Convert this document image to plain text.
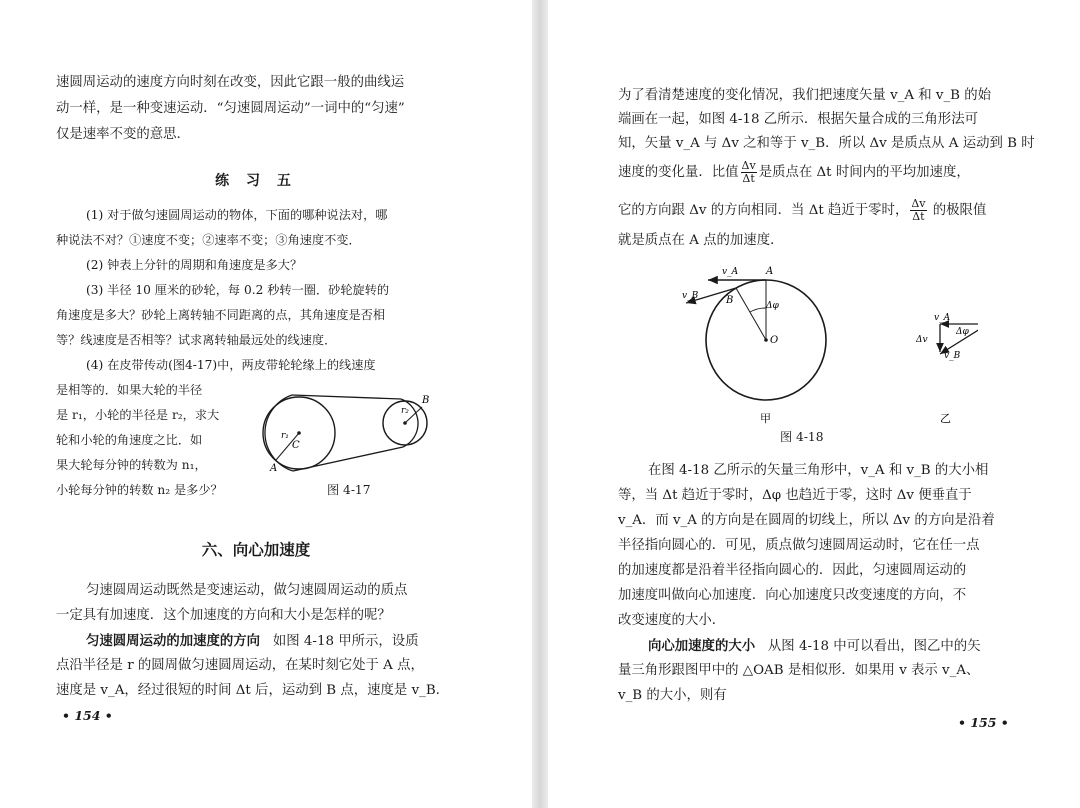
速圆周运动的速度方向时刻在改变，因此它跟一般的曲线运
动一样，是一种变速运动．“匀速圆周运动”一词中的“匀速”
仅是速率不变的意思.
练 习 五
(1) 对于做匀速圆周运动的物体，下面的哪种说法对，哪
种说法不对？①速度不变；②速率不变；③角速度不变．
(2) 钟表上分针的周期和角速度是多大？
(3) 半径 10 厘米的砂轮，每 0.2 秒转一圈．砂轮旋转的
角速度是多大？砂轮上离转轴不同距离的点，其角速度是否相
等？线速度是否相等？试求离转轴最远处的线速度．
(4) 在皮带传动(图4-17)中，两皮带轮轮缘上的线速度
是相等的．如果大轮的半径
是 r₁，小轮的半径是 r₂，求大
轮和小轮的角速度之比．如
果大轮每分钟的转数为 n₁，
小轮每分钟的转数 n₂ 是多少？
r₁
C
A
r₂
B
图 4-17
六、向心加速度
匀速圆周运动既然是变速运动，做匀速圆周运动的质点
一定具有加速度．这个加速度的方向和大小是怎样的呢？
匀速圆周运动的加速度的方向 如图 4-18 甲所示，设质
点沿半径是 r 的圆周做匀速圆周运动，在某时刻它处于 A 点，
速度是 v_A，经过很短的时间 Δt 后，运动到 B 点，速度是 v_B.
• 154 •
为了看清楚速度的变化情况，我们把速度矢量 v_A 和 v_B 的始
端画在一起，如图 4-18 乙所示．根据矢量合成的三角形法可
知，矢量 v_A 与 Δv 之和等于 v_B．所以 Δv 是质点从 A 运动到 B 时
速度的变化量．比值 $\frac{\Delta v}{\Delta t}$ 是质点在 Δt 时间内的平均加速度，
它的方向跟 Δv 的方向相同．当 Δt 趋近于零时， $\frac{\Delta v}{\Delta t}$ 的极限值
就是质点在 A 点的加速度．
v_A	A
v_B	B	Δφ
O
v_A
Δφ
Δv
v_B
甲	乙
图 4-18
在图 4-18 乙所示的矢量三角形中，v_A 和 v_B 的大小相
等，当 Δt 趋近于零时，Δφ 也趋近于零，这时 Δv 便垂直于
v_A．而 v_A 的方向是在圆周的切线上，所以 Δv 的方向是沿着
半径指向圆心的．可见，质点做匀速圆周运动时，它在任一点
的加速度都是沿着半径指向圆心的．因此，匀速圆周运动的
加速度叫做向心加速度．向心加速度只改变速度的方向，不
改变速度的大小．
向心加速度的大小 从图 4-18 中可以看出，图乙中的矢
量三角形跟图甲中的 △OAB 是相似形．如果用 v 表示 v_A、
v_B 的大小，则有
• 155 •
